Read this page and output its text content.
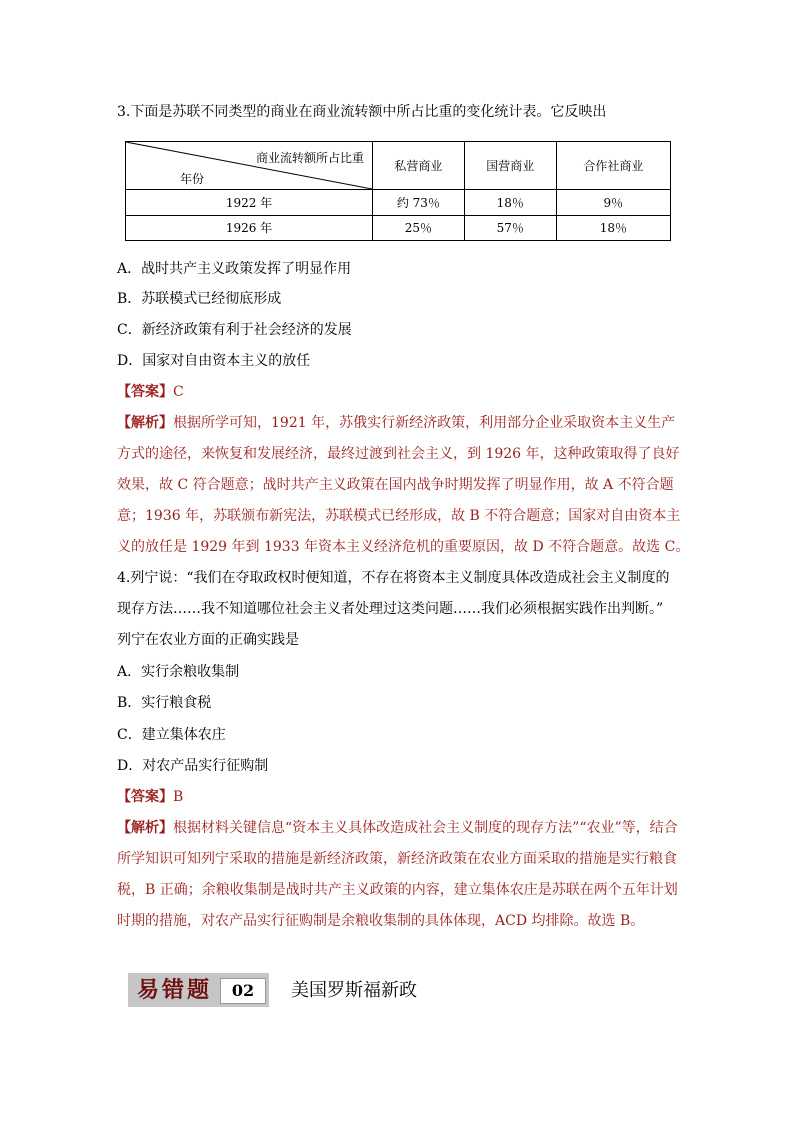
3.下面是苏联不同类型的商业在商业流转额中所占比重的变化统计表。它反映出
商业流转额所占比重
年份	私营商业	国营商业	合作社商业
1922 年	约 73％	18％	9％
1926 年	25％	57％	18％
A．战时共产主义政策发挥了明显作用
B．苏联模式已经彻底形成
C．新经济政策有利于社会经济的发展
D．国家对自由资本主义的放任
【答案】C
【解析】根据所学可知，1921 年，苏俄实行新经济政策，利用部分企业采取资本主义生产
方式的途径，来恢复和发展经济，最终过渡到社会主义，到 1926 年，这种政策取得了良好
效果，故 C 符合题意；战时共产主义政策在国内战争时期发挥了明显作用，故 A 不符合题
意；1936 年，苏联颁布新宪法，苏联模式已经形成，故 B 不符合题意；国家对自由资本主
义的放任是 1929 年到 1933 年资本主义经济危机的重要原因，故 D 不符合题意。故选 C。
4.列宁说：“我们在夺取政权时便知道，不存在将资本主义制度具体改造成社会主义制度的
现存方法……我不知道哪位社会主义者处理过这类问题……我们必须根据实践作出判断。”
列宁在农业方面的正确实践是
A．实行余粮收集制
B．实行粮食税
C．建立集体农庄
D．对农产品实行征购制
【答案】B
【解析】根据材料关键信息“资本主义具体改造成社会主义制度的现存方法”“农业”等，结合
所学知识可知列宁采取的措施是新经济政策，新经济政策在农业方面采取的措施是实行粮食
税，B 正确；余粮收集制是战时共产主义政策的内容，建立集体农庄是苏联在两个五年计划
时期的措施，对农产品实行征购制是余粮收集制的具体体现，ACD 均排除。故选 B。
易错题	02	美国罗斯福新政
